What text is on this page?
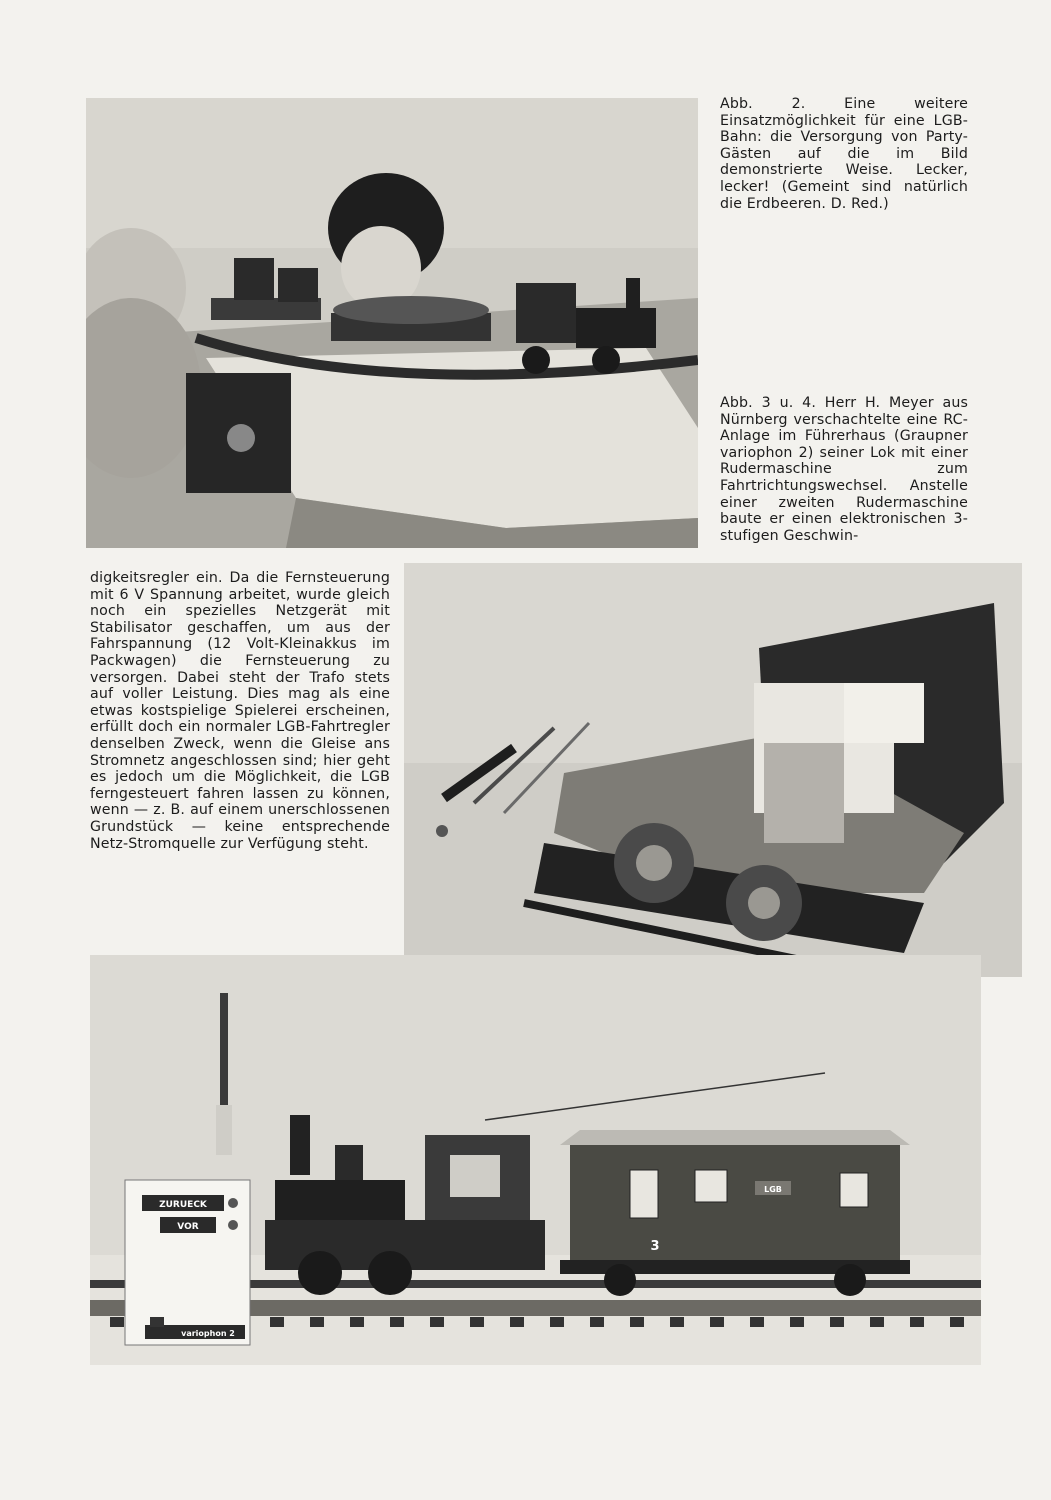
Abb. 2. Eine weitere Einsatzmöglichkeit für eine LGB-Bahn: die Versorgung von Party-Gästen auf die im Bild demonstrierte Weise. Lecker, lecker! (Gemeint sind natürlich die Erdbeeren. D. Red.)

Abb. 3 u. 4. Herr H. Meyer aus Nürnberg verschachtelte eine RC-Anlage im Führerhaus (Graupner variophon 2) seiner Lok mit einer Rudermaschine zum Fahrtrichtungswechsel. Anstelle einer zweiten Rudermaschine baute er einen elektronischen 3-stufigen Geschwin-

digkeitsregler ein. Da die Fernsteuerung mit 6 V Spannung arbeitet, wurde gleich noch ein spezielles Netzgerät mit Stabilisator geschaffen, um aus der Fahrspannung (12 Volt-Kleinakkus im Packwagen) die Fernsteuerung zu versorgen. Dabei steht der Trafo stets auf voller Leistung. Dies mag als eine etwas kostspielige Spielerei erscheinen, erfüllt doch ein normaler LGB-Fahrtregler denselben Zweck, wenn die Gleise ans Stromnetz angeschlossen sind; hier geht es jedoch um die Möglichkeit, die LGB ferngesteuert fahren lassen zu können, wenn — z. B. auf einem unerschlossenen Grundstück — keine entsprechende Netz-Stromquelle zur Verfügung steht.

ZURUECK
VOR
variophon 2
LGB
3
